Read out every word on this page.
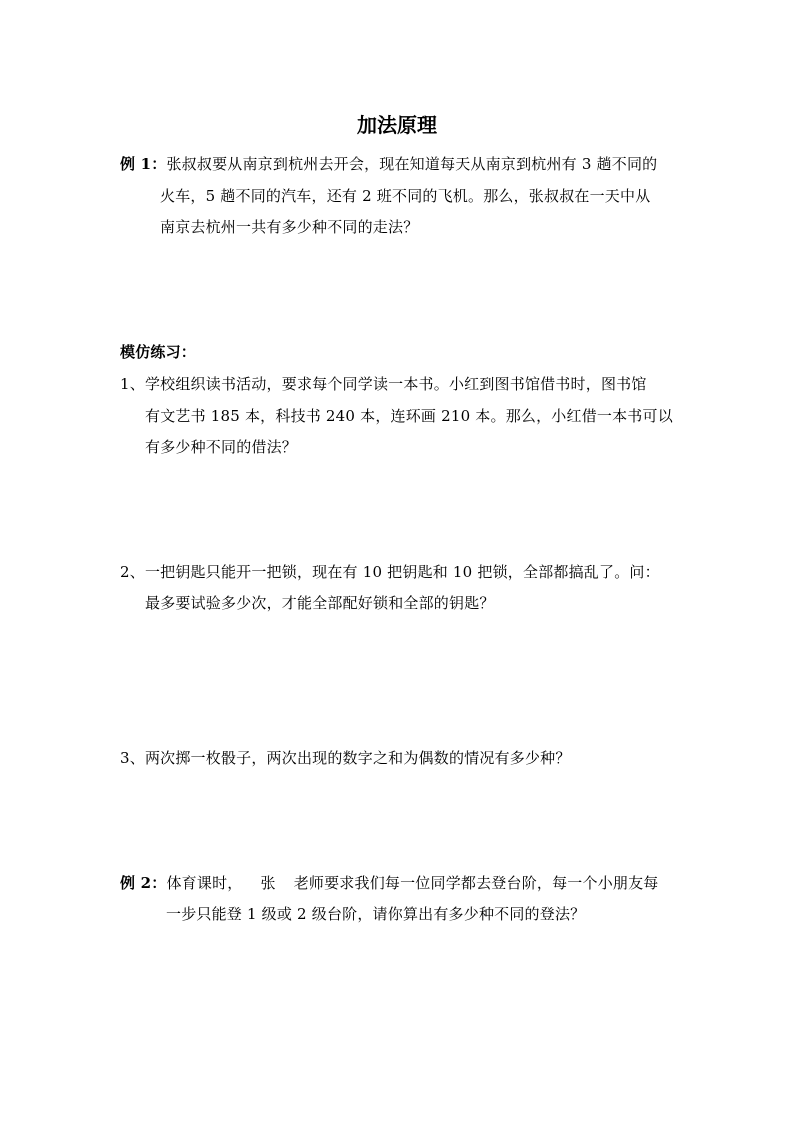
加法原理
例 1：张叔叔要从南京到杭州去开会，现在知道每天从南京到杭州有 3 趟不同的
火车，5 趟不同的汽车，还有 2 班不同的飞机。那么，张叔叔在一天中从
南京去杭州一共有多少种不同的走法？
模仿练习：
1、学校组织读书活动，要求每个同学读一本书。小红到图书馆借书时，图书馆
有文艺书 185 本，科技书 240 本，连环画 210 本。那么，小红借一本书可以
有多少种不同的借法？
2、一把钥匙只能开一把锁，现在有 10 把钥匙和 10 把锁，全部都搞乱了。问：
最多要试验多少次，才能全部配好锁和全部的钥匙？
3、两次掷一枚骰子，两次出现的数字之和为偶数的情况有多少种？
例 2：体育课时， 张 老师要求我们每一位同学都去登台阶，每一个小朋友每
一步只能登 1 级或 2 级台阶，请你算出有多少种不同的登法？
